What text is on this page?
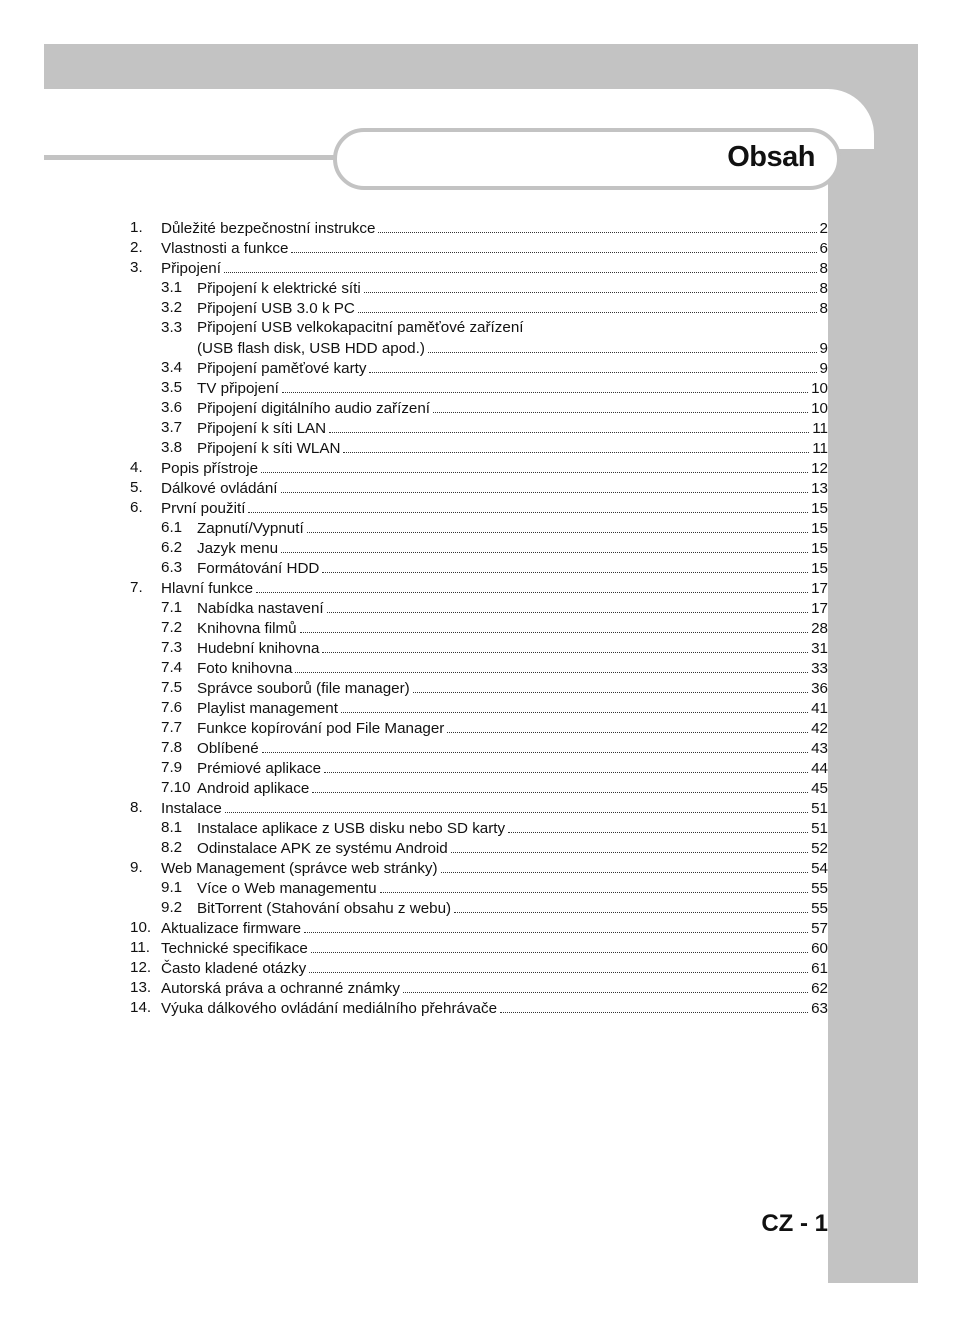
Obsah
1. Důležité bezpečnostní instrukce	2
2. Vlastnosti a funkce	6
3. Připojení	8
3.1 Připojení k elektrické síti	8
3.2 Připojení USB 3.0 k PC	8
3.3 Připojení USB velkokapacitní paměťové zařízení
(USB flash disk, USB HDD apod.)	9
3.4 Připojení paměťové karty	9
3.5 TV připojení	10
3.6 Připojení digitálního audio zařízení	10
3.7 Připojení k síti LAN	11
3.8 Připojení k síti WLAN	11
4. Popis přístroje	12
5. Dálkové ovládání	13
6. První použití	15
6.1 Zapnutí/Vypnutí	15
6.2 Jazyk menu	15
6.3 Formátování HDD	15
7. Hlavní funkce	17
7.1 Nabídka nastavení	17
7.2 Knihovna filmů	28
7.3 Hudební knihovna	31
7.4 Foto knihovna	33
7.5 Správce souborů (file manager)	36
7.6 Playlist management	41
7.7 Funkce kopírování pod File Manager	42
7.8 Oblíbené	43
7.9 Prémiové aplikace	44
7.10 Android aplikace	45
8. Instalace	51
8.1 Instalace aplikace z USB disku nebo SD karty	51
8.2 Odinstalace APK ze systému Android	52
9. Web Management (správce web stránky)	54
9.1 Více o Web managementu	55
9.2 BitTorrent (Stahování obsahu z webu)	55
10. Aktualizace firmware	57
11. Technické specifikace	60
12. Často kladené otázky	61
13. Autorská práva a ochranné známky	62
14. Výuka dálkového ovládání mediálního přehrávače	63
CZ - 1
